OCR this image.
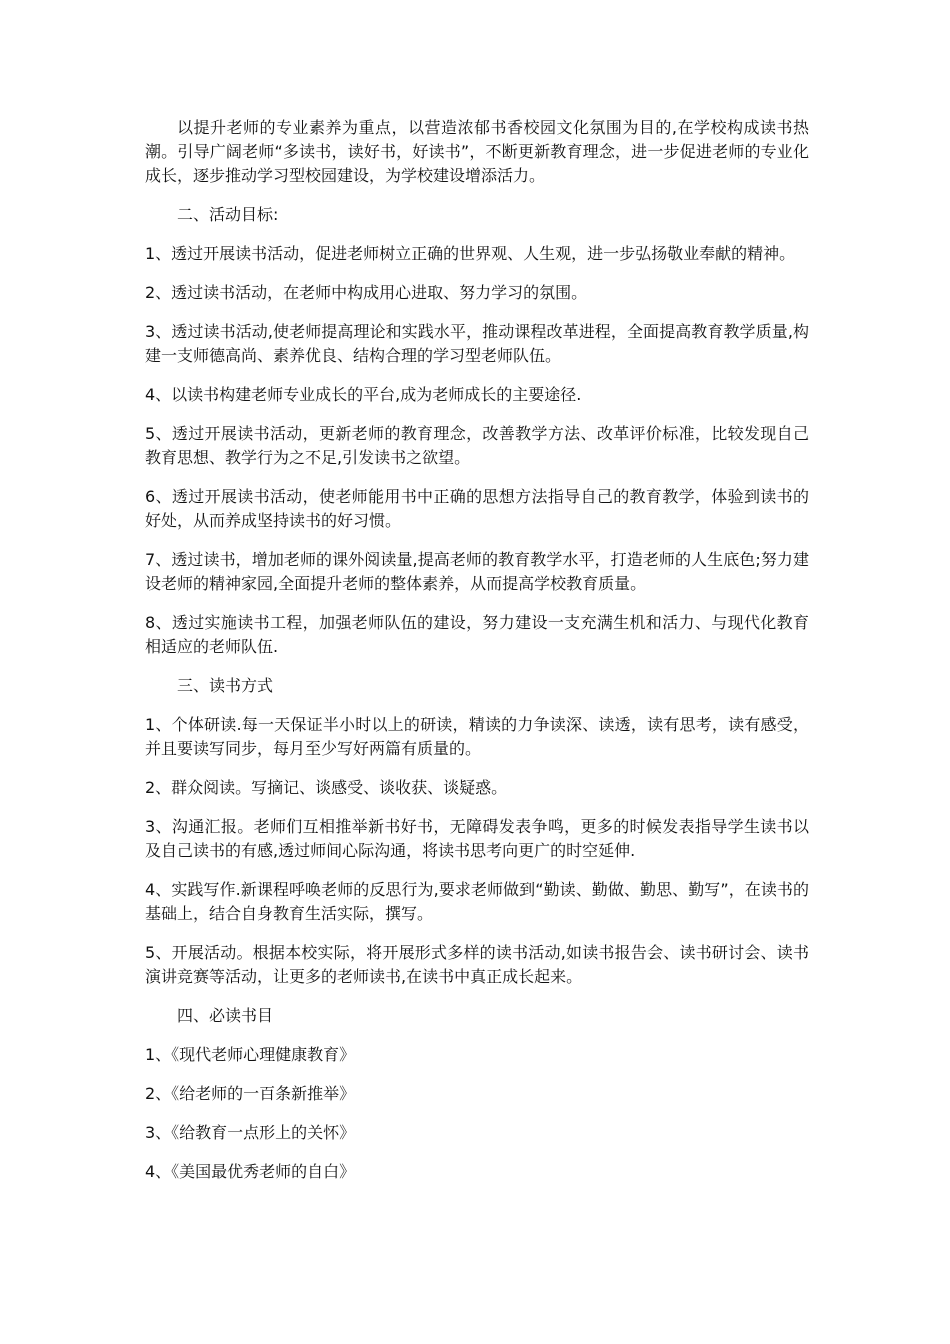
以提升老师的专业素养为重点，以营造浓郁书香校园文化氛围为目的,在学校构成读书热潮。引导广阔老师“多读书，读好书，好读书”，不断更新教育理念，进一步促进老师的专业化成长，逐步推动学习型校园建设，为学校建设增添活力。

二、活动目标:

1、透过开展读书活动，促进老师树立正确的世界观、人生观，进一步弘扬敬业奉献的精神。

2、透过读书活动，在老师中构成用心进取、努力学习的氛围。

3、透过读书活动,使老师提高理论和实践水平，推动课程改革进程，全面提高教育教学质量,构建一支师德高尚、素养优良、结构合理的学习型老师队伍。

4、以读书构建老师专业成长的平台,成为老师成长的主要途径.

5、透过开展读书活动，更新老师的教育理念，改善教学方法、改革评价标准，比较发现自己教育思想、教学行为之不足,引发读书之欲望。

6、透过开展读书活动，使老师能用书中正确的思想方法指导自己的教育教学，体验到读书的好处，从而养成坚持读书的好习惯。

7、透过读书，增加老师的课外阅读量,提高老师的教育教学水平，打造老师的人生底色;努力建设老师的精神家园,全面提升老师的整体素养，从而提高学校教育质量。

8、透过实施读书工程，加强老师队伍的建设，努力建设一支充满生机和活力、与现代化教育相适应的老师队伍.

三、读书方式

1、个体研读.每一天保证半小时以上的研读，精读的力争读深、读透，读有思考，读有感受，并且要读写同步，每月至少写好两篇有质量的。

2、群众阅读。写摘记、谈感受、谈收获、谈疑惑。

3、沟通汇报。老师们互相推举新书好书，无障碍发表争鸣，更多的时候发表指导学生读书以及自己读书的有感,透过师间心际沟通，将读书思考向更广的时空延伸.

4、实践写作.新课程呼唤老师的反思行为,要求老师做到“勤读、勤做、勤思、勤写”，在读书的基础上，结合自身教育生活实际，撰写。

5、开展活动。根据本校实际，将开展形式多样的读书活动,如读书报告会、读书研讨会、读书演讲竞赛等活动，让更多的老师读书,在读书中真正成长起来。

四、必读书目

1、《现代老师心理健康教育》

2、《给老师的一百条新推举》

3、《给教育一点形上的关怀》

4、《美国最优秀老师的自白》
